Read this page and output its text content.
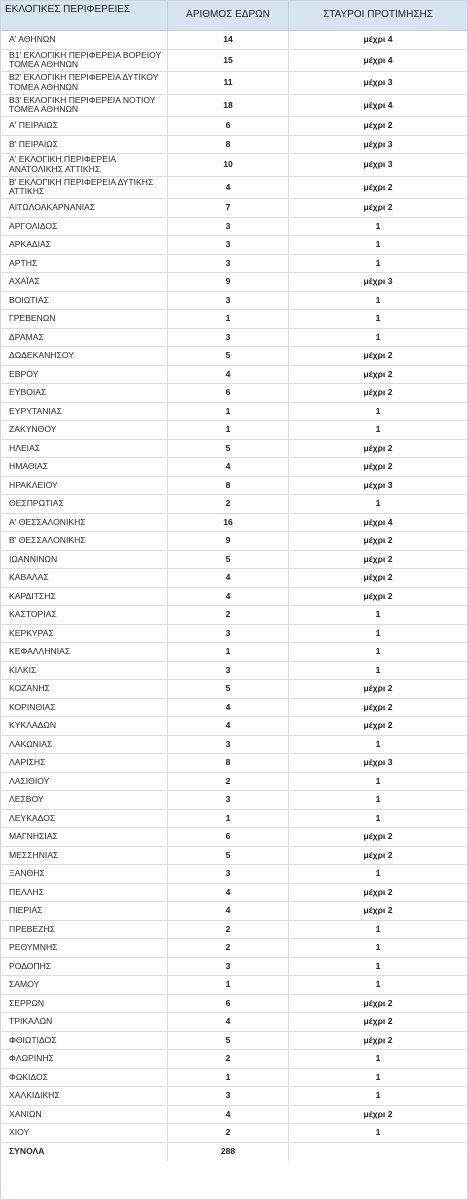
ΕΚΛΟΓΙΚΕΣ ΠΕΡΙΦΕΡΕΙΕΣ	ΑΡΙΘΜΟΣ ΕΔΡΩΝ	ΣΤΑΥΡΟΙ ΠΡΟΤΙΜΗΣΗΣ
Α' ΑΘΗΝΩΝ	14	μέχρι 4
Β1' ΕΚΛΟΓΙΚΗ ΠΕΡΙΦΕΡΕΙΑ ΒΟΡΕΙΟΥ ΤΟΜΕΑ ΑΘΗΝΩΝ	15	μέχρι 4
Β2' ΕΚΛΟΓΙΚΗ ΠΕΡΙΦΕΡΕΙΑ ΔΥΤΙΚΟΥ ΤΟΜΕΑ ΑΘΗΝΩΝ	11	μέχρι 3
Β3' ΕΚΛΟΓΙΚΗ ΠΕΡΙΦΕΡΕΙΑ ΝΟΤΙΟΥ ΤΟΜΕΑ ΑΘΗΝΩΝ	18	μέχρι 4
Α' ΠΕΙΡΑΙΩΣ	6	μέχρι 2
Β' ΠΕΙΡΑΙΩΣ	8	μέχρι 3
Α' ΕΚΛΟΓΙΚΗ ΠΕΡΙΦΕΡΕΙΑ ΑΝΑΤΟΛΙΚΗΣ ΑΤΤΙΚΗΣ	10	μέχρι 3
Β' ΕΚΛΟΓΙΚΗ ΠΕΡΙΦΕΡΕΙΑ ΔΥΤΙΚΗΣ ΑΤΤΙΚΗΣ	4	μέχρι 2
ΑΙΤΩΛΟΑΚΑΡΝΑΝΙΑΣ	7	μέχρι 2
ΑΡΓΟΛΙΔΟΣ	3	1
ΑΡΚΑΔΙΑΣ	3	1
ΑΡΤΗΣ	3	1
ΑΧΑΪΑΣ	9	μέχρι 3
ΒΟΙΩΤΙΑΣ	3	1
ΓΡΕΒΕΝΩΝ	1	1
ΔΡΑΜΑΣ	3	1
ΔΩΔΕΚΑΝΗΣΟΥ	5	μέχρι 2
ΕΒΡΟΥ	4	μέχρι 2
ΕΥΒΟΙΑΣ	6	μέχρι 2
ΕΥΡΥΤΑΝΙΑΣ	1	1
ΖΑΚΥΝΘΟΥ	1	1
ΗΛΕΙΑΣ	5	μέχρι 2
ΗΜΑΘΙΑΣ	4	μέχρι 2
ΗΡΑΚΛΕΙΟΥ	8	μέχρι 3
ΘΕΣΠΡΩΤΙΑΣ	2	1
Α' ΘΕΣΣΑΛΟΝΙΚΗΣ	16	μέχρι 4
Β' ΘΕΣΣΑΛΟΝΙΚΗΣ	9	μέχρι 2
ΙΩΑΝΝΙΝΩΝ	5	μέχρι 2
ΚΑΒΑΛΑΣ	4	μέχρι 2
ΚΑΡΔΙΤΣΗΣ	4	μέχρι 2
ΚΑΣΤΟΡΙΑΣ	2	1
ΚΕΡΚΥΡΑΣ	3	1
ΚΕΦΑΛΛΗΝΙΑΣ	1	1
ΚΙΛΚΙΣ	3	1
ΚΟΖΑΝΗΣ	5	μέχρι 2
ΚΟΡΙΝΘΙΑΣ	4	μέχρι 2
ΚΥΚΛΑΔΩΝ	4	μέχρι 2
ΛΑΚΩΝΙΑΣ	3	1
ΛΑΡΙΣΗΣ	8	μέχρι 3
ΛΑΣΙΘΙΟΥ	2	1
ΛΕΣΒΟΥ	3	1
ΛΕΥΚΑΔΟΣ	1	1
ΜΑΓΝΗΣΙΑΣ	6	μέχρι 2
ΜΕΣΣΗΝΙΑΣ	5	μέχρι 2
ΞΑΝΘΗΣ	3	1
ΠΕΛΛΗΣ	4	μέχρι 2
ΠΙΕΡΙΑΣ	4	μέχρι 2
ΠΡΕΒΕΖΗΣ	2	1
ΡΕΘΥΜΝΗΣ	2	1
ΡΟΔΟΠΗΣ	3	1
ΣΑΜΟΥ	1	1
ΣΕΡΡΩΝ	6	μέχρι 2
ΤΡΙΚΑΛΩΝ	4	μέχρι 2
ΦΘΙΩΤΙΔΟΣ	5	μέχρι 2
ΦΛΩΡΙΝΗΣ	2	1
ΦΩΚΙΔΟΣ	1	1
ΧΑΛΚΙΔΙΚΗΣ	3	1
ΧΑΝΙΩΝ	4	μέχρι 2
ΧΙΟΥ	2	1
ΣΥΝΟΛΑ	288
